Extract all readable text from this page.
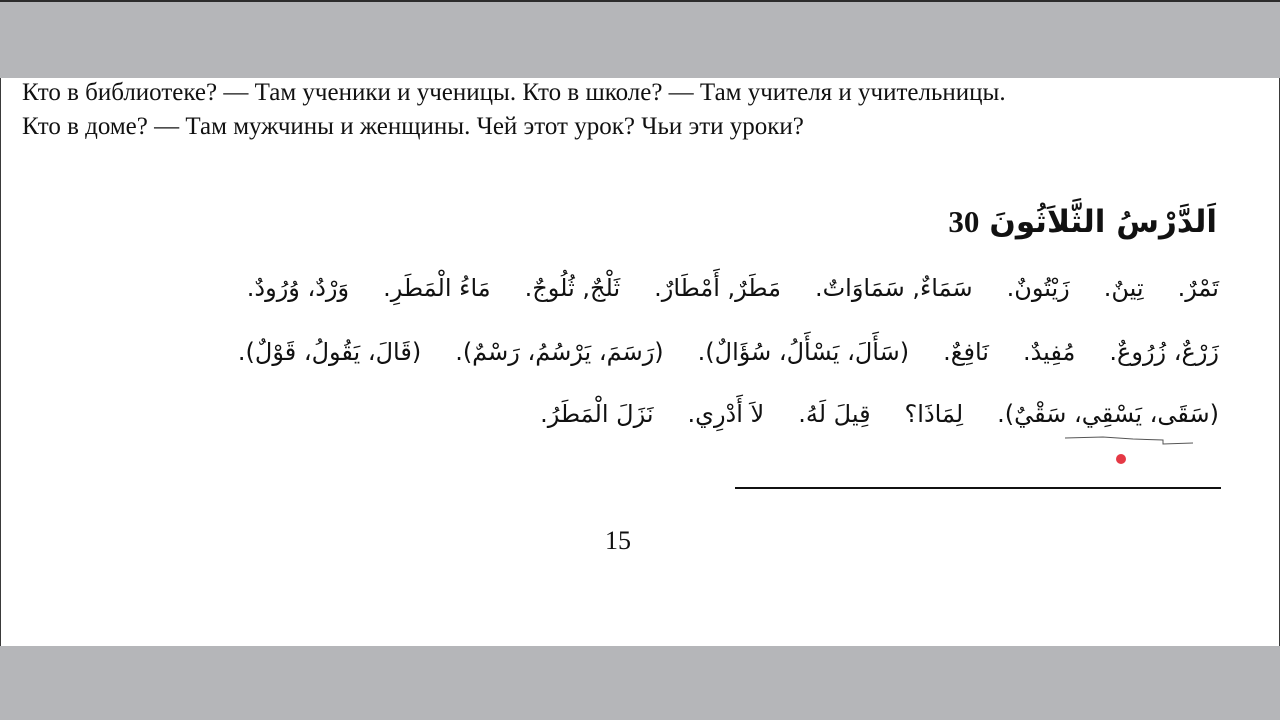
Кто в библиотеке? — Там ученики и ученицы. Кто в школе? — Там учителя и учительницы.
Кто в доме? — Там мужчины и женщины. Чей этот урок? Чьи эти уроки?
اَلدَّرْسُ الثَّلاَثُونَ30
تَمْرٌ.تِينٌ.زَيْتُونٌ.سَمَاءٌ, سَمَاوَاتٌ.مَطَرٌ, أَمْطَارٌ.ثَلْجٌ, ثُلُوجٌ.مَاءُ الْمَطَرِ.وَرْدٌ، وُرُودٌ.
زَرْعٌ، زُرُوعٌ.مُفِيدٌ.نَافِعٌ.(سَأَلَ، يَسْأَلُ، سُؤَالٌ).(رَسَمَ، يَرْسُمُ، رَسْمٌ).(قَالَ، يَقُولُ، قَوْلٌ).
(سَقَى، يَسْقِي، سَقْيٌ).لِمَاذَا؟قِيلَ لَهُ.لاَ أَدْرِي.نَزَلَ الْمَطَرُ.
15
